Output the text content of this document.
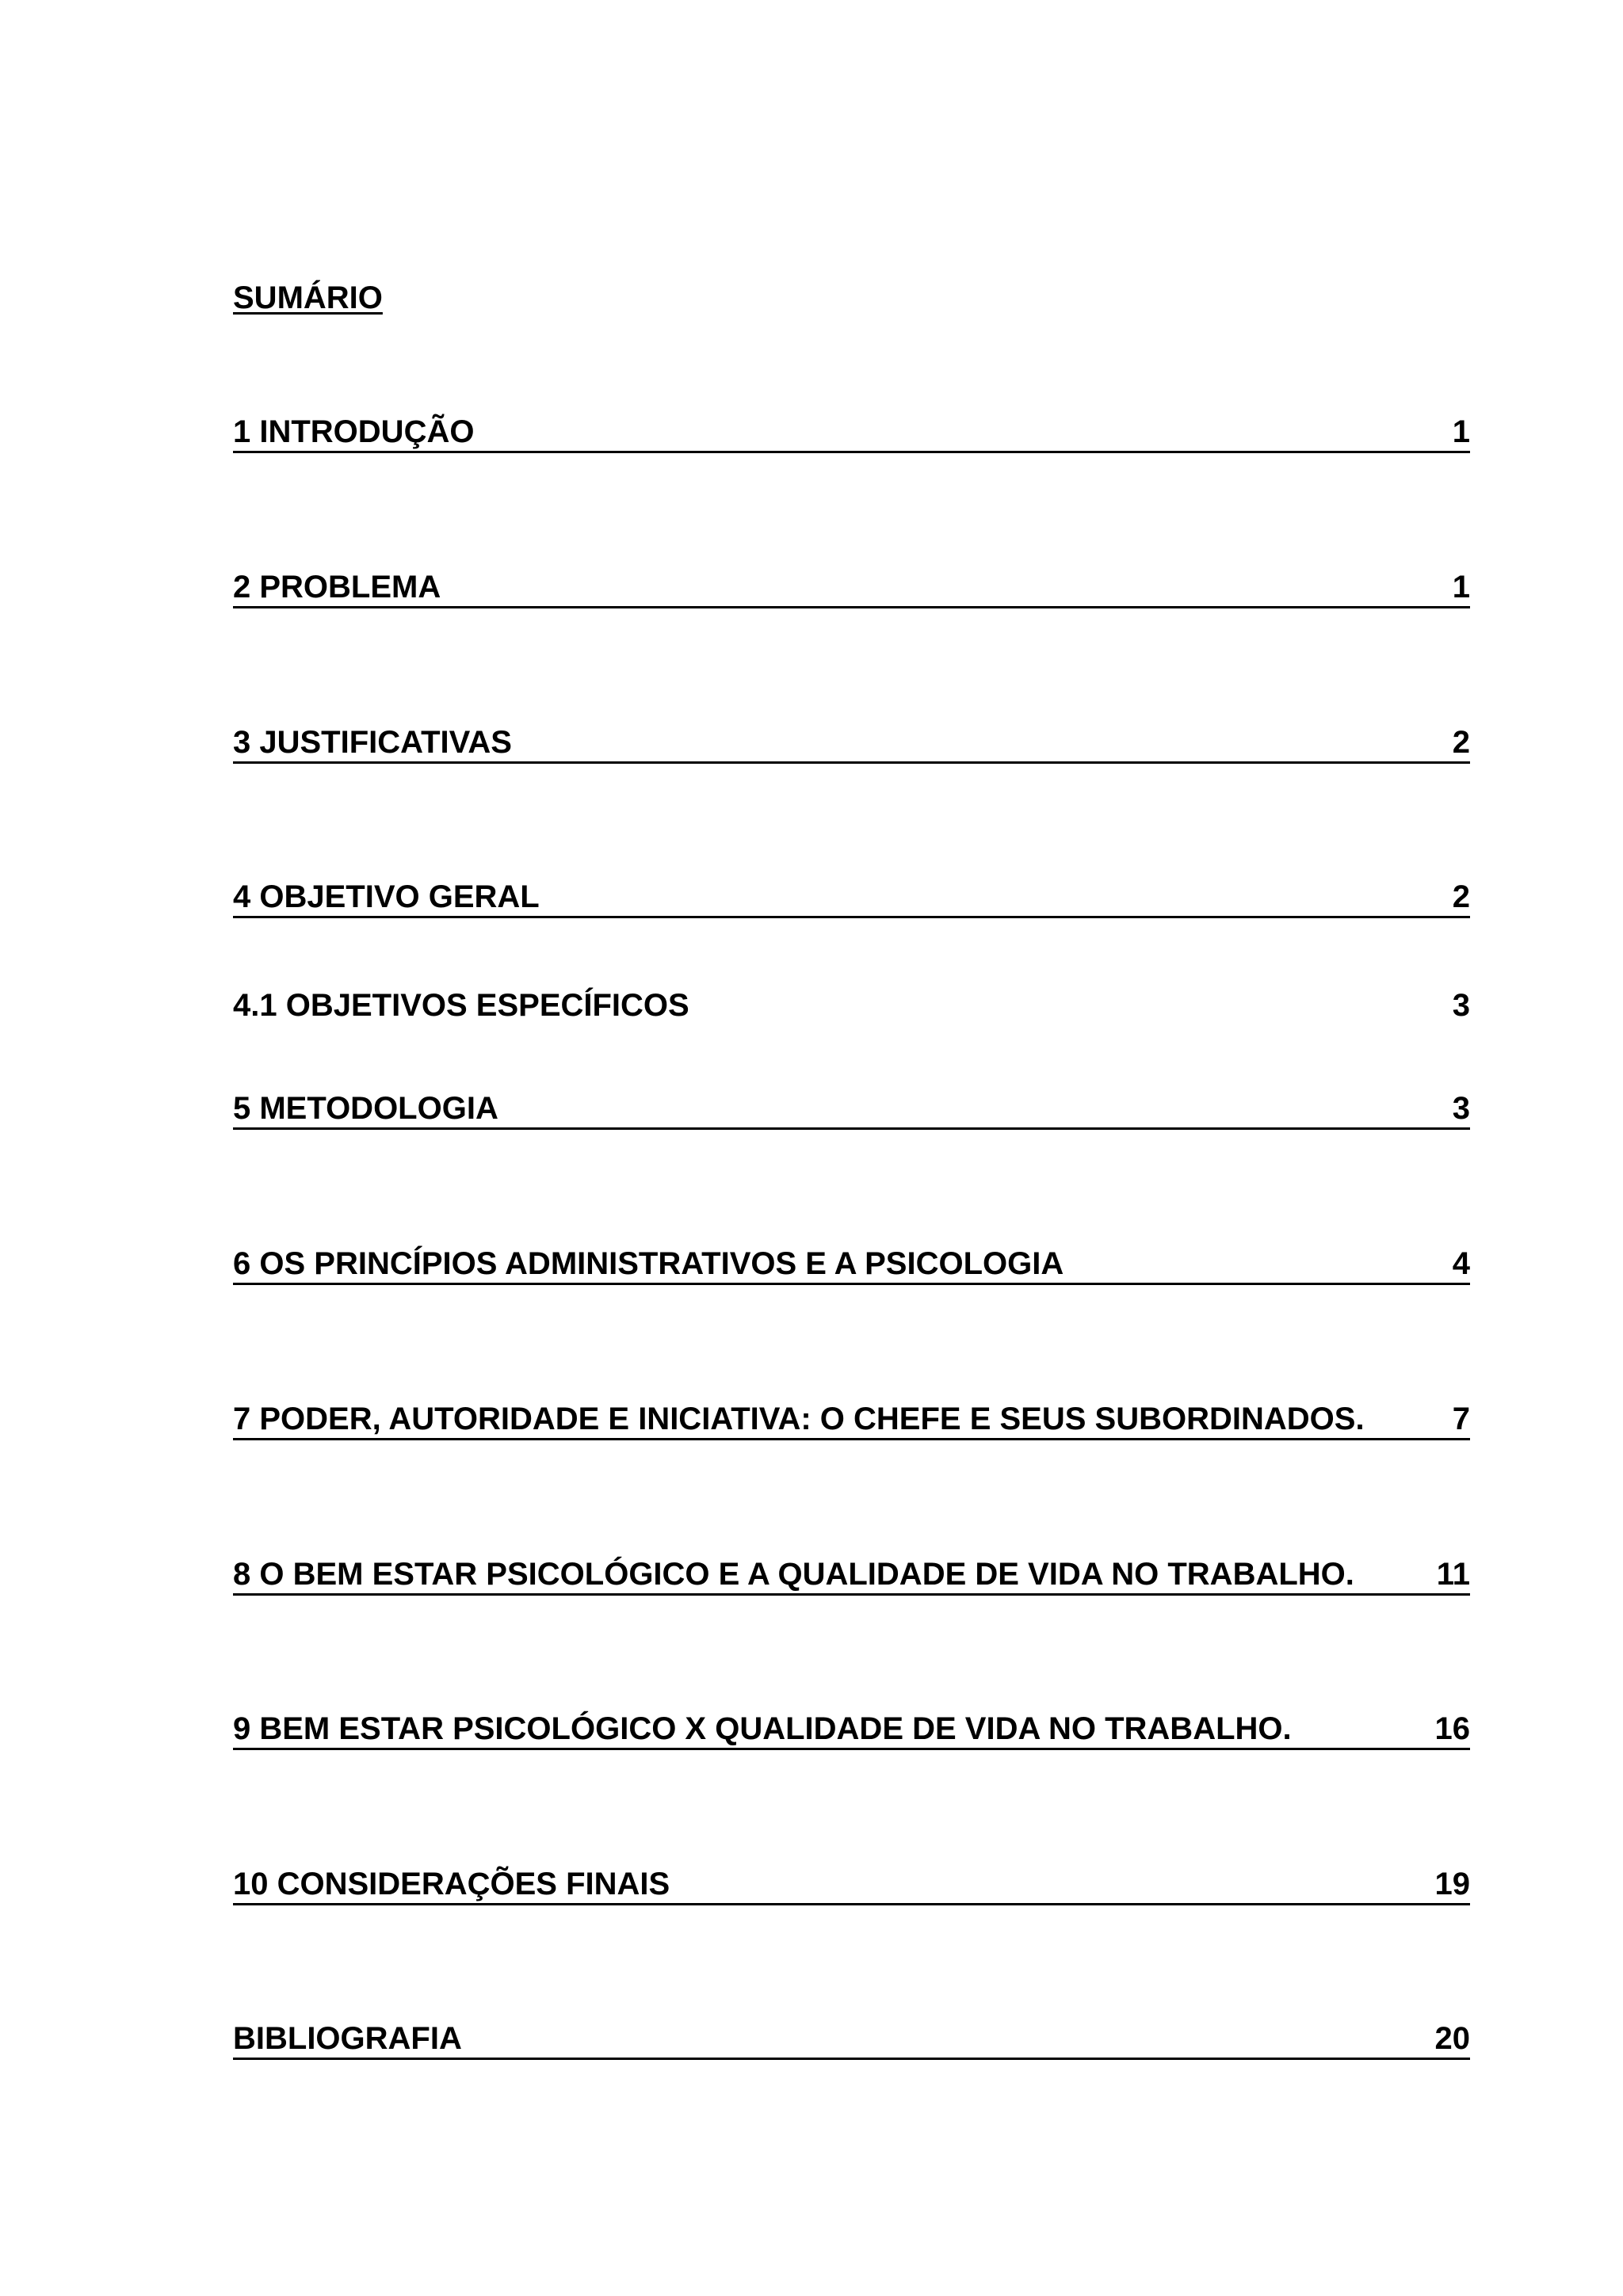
SUMÁRIO
1 INTRODUÇÃO	1
2 PROBLEMA	1
3 JUSTIFICATIVAS	2
4 OBJETIVO GERAL	2
4.1 OBJETIVOS ESPECÍFICOS	3
5 METODOLOGIA	3
6 OS PRINCÍPIOS ADMINISTRATIVOS E A PSICOLOGIA	4
7 PODER, AUTORIDADE E INICIATIVA: O CHEFE E SEUS SUBORDINADOS.	7
8 O BEM ESTAR PSICOLÓGICO E A QUALIDADE DE VIDA NO TRABALHO.	11
9 BEM ESTAR PSICOLÓGICO X QUALIDADE DE VIDA NO TRABALHO.	16
10 CONSIDERAÇÕES FINAIS	19
BIBLIOGRAFIA	20
